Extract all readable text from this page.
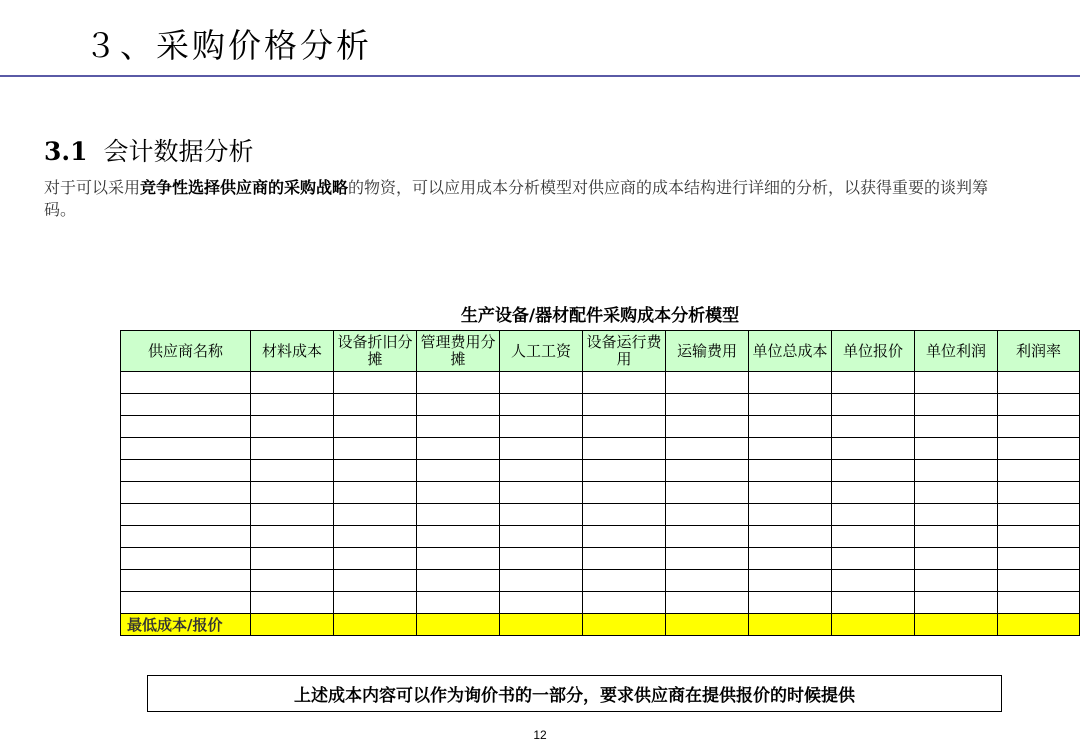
３、采购价格分析
3.1 会计数据分析

对于可以采用竞争性选择供应商的采购战略的物资，可以应用成本分析模型对供应商的成本结构进行详细的分析，以获得重要的谈判筹码。

生产设备/器材配件采购成本分析模型

供应商名称	材料成本	设备折旧分摊	管理费用分摊	人工工资	设备运行费用	运输费用	单位总成本	单位报价	单位利润	利润率

最低成本/报价										
上述成本内容可以作为询价书的一部分，要求供应商在提供报价的时候提供
12
